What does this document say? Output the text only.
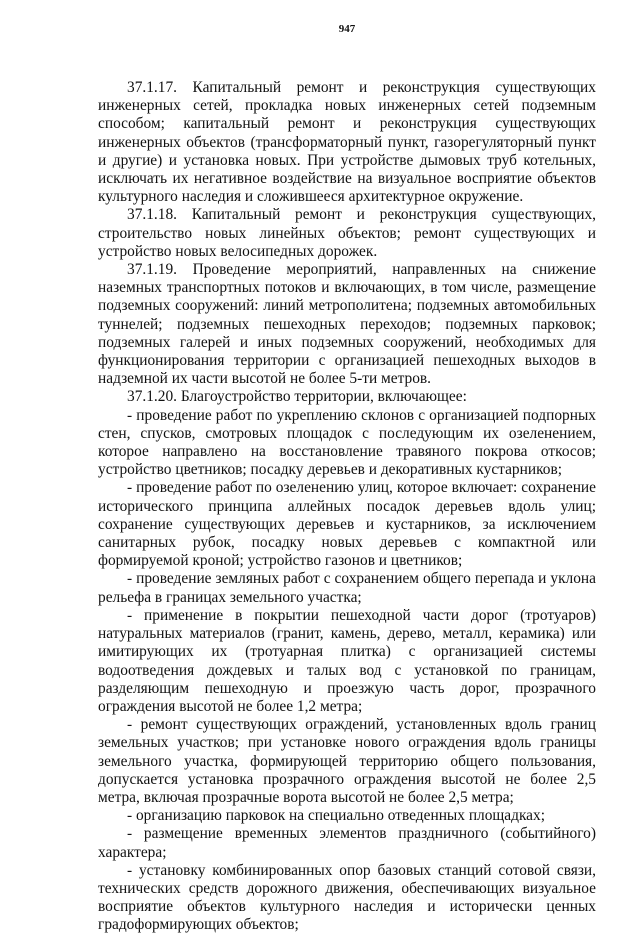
947

37.1.17. Капитальный ремонт и реконструкция существующих инженерных сетей, прокладка новых инженерных сетей подземным способом; капитальный ремонт и реконструкция существующих инженерных объектов (трансформаторный пункт, газорегуляторный пункт и другие) и установка новых. При устройстве дымовых труб котельных, исключать их негативное воздействие на визуальное восприятие объектов культурного наследия и сложившееся архитектурное окружение.

37.1.18. Капитальный ремонт и реконструкция существующих, строительство новых линейных объектов; ремонт существующих и устройство новых велосипедных дорожек.

37.1.19. Проведение мероприятий, направленных на снижение наземных транспортных потоков и включающих, в том числе, размещение подземных сооружений: линий метрополитена; подземных автомобильных туннелей; подземных пешеходных переходов; подземных парковок; подземных галерей и иных подземных сооружений, необходимых для функционирования территории с организацией пешеходных выходов в надземной их части высотой не более 5-ти метров.

37.1.20. Благоустройство территории, включающее:

- проведение работ по укреплению склонов с организацией подпорных стен, спусков, смотровых площадок с последующим их озеленением, которое направлено на восстановление травяного покрова откосов; устройство цветников; посадку деревьев и декоративных кустарников;

- проведение работ по озеленению улиц, которое включает: сохранение исторического принципа аллейных посадок деревьев вдоль улиц; сохранение существующих деревьев и кустарников, за исключением санитарных рубок, посадку новых деревьев с компактной или формируемой кроной; устройство газонов и цветников;

- проведение земляных работ с сохранением общего перепада и уклона рельефа в границах земельного участка;

- применение в покрытии пешеходной части дорог (тротуаров) натуральных материалов (гранит, камень, дерево, металл, керамика) или имитирующих их (тротуарная плитка) с организацией системы водоотведения дождевых и талых вод с установкой по границам, разделяющим пешеходную и проезжую часть дорог, прозрачного ограждения высотой не более 1,2 метра;

- ремонт существующих ограждений, установленных вдоль границ земельных участков; при установке нового ограждения вдоль границы земельного участка, формирующей территорию общего пользования, допускается установка прозрачного ограждения высотой не более 2,5 метра, включая прозрачные ворота высотой не более 2,5 метра;

- организацию парковок на специально отведенных площадках;

- размещение временных элементов праздничного (событийного) характера;

- установку комбинированных опор базовых станций сотовой связи, технических средств дорожного движения, обеспечивающих визуальное восприятие объектов культурного наследия и исторически ценных градоформирующих объектов;
